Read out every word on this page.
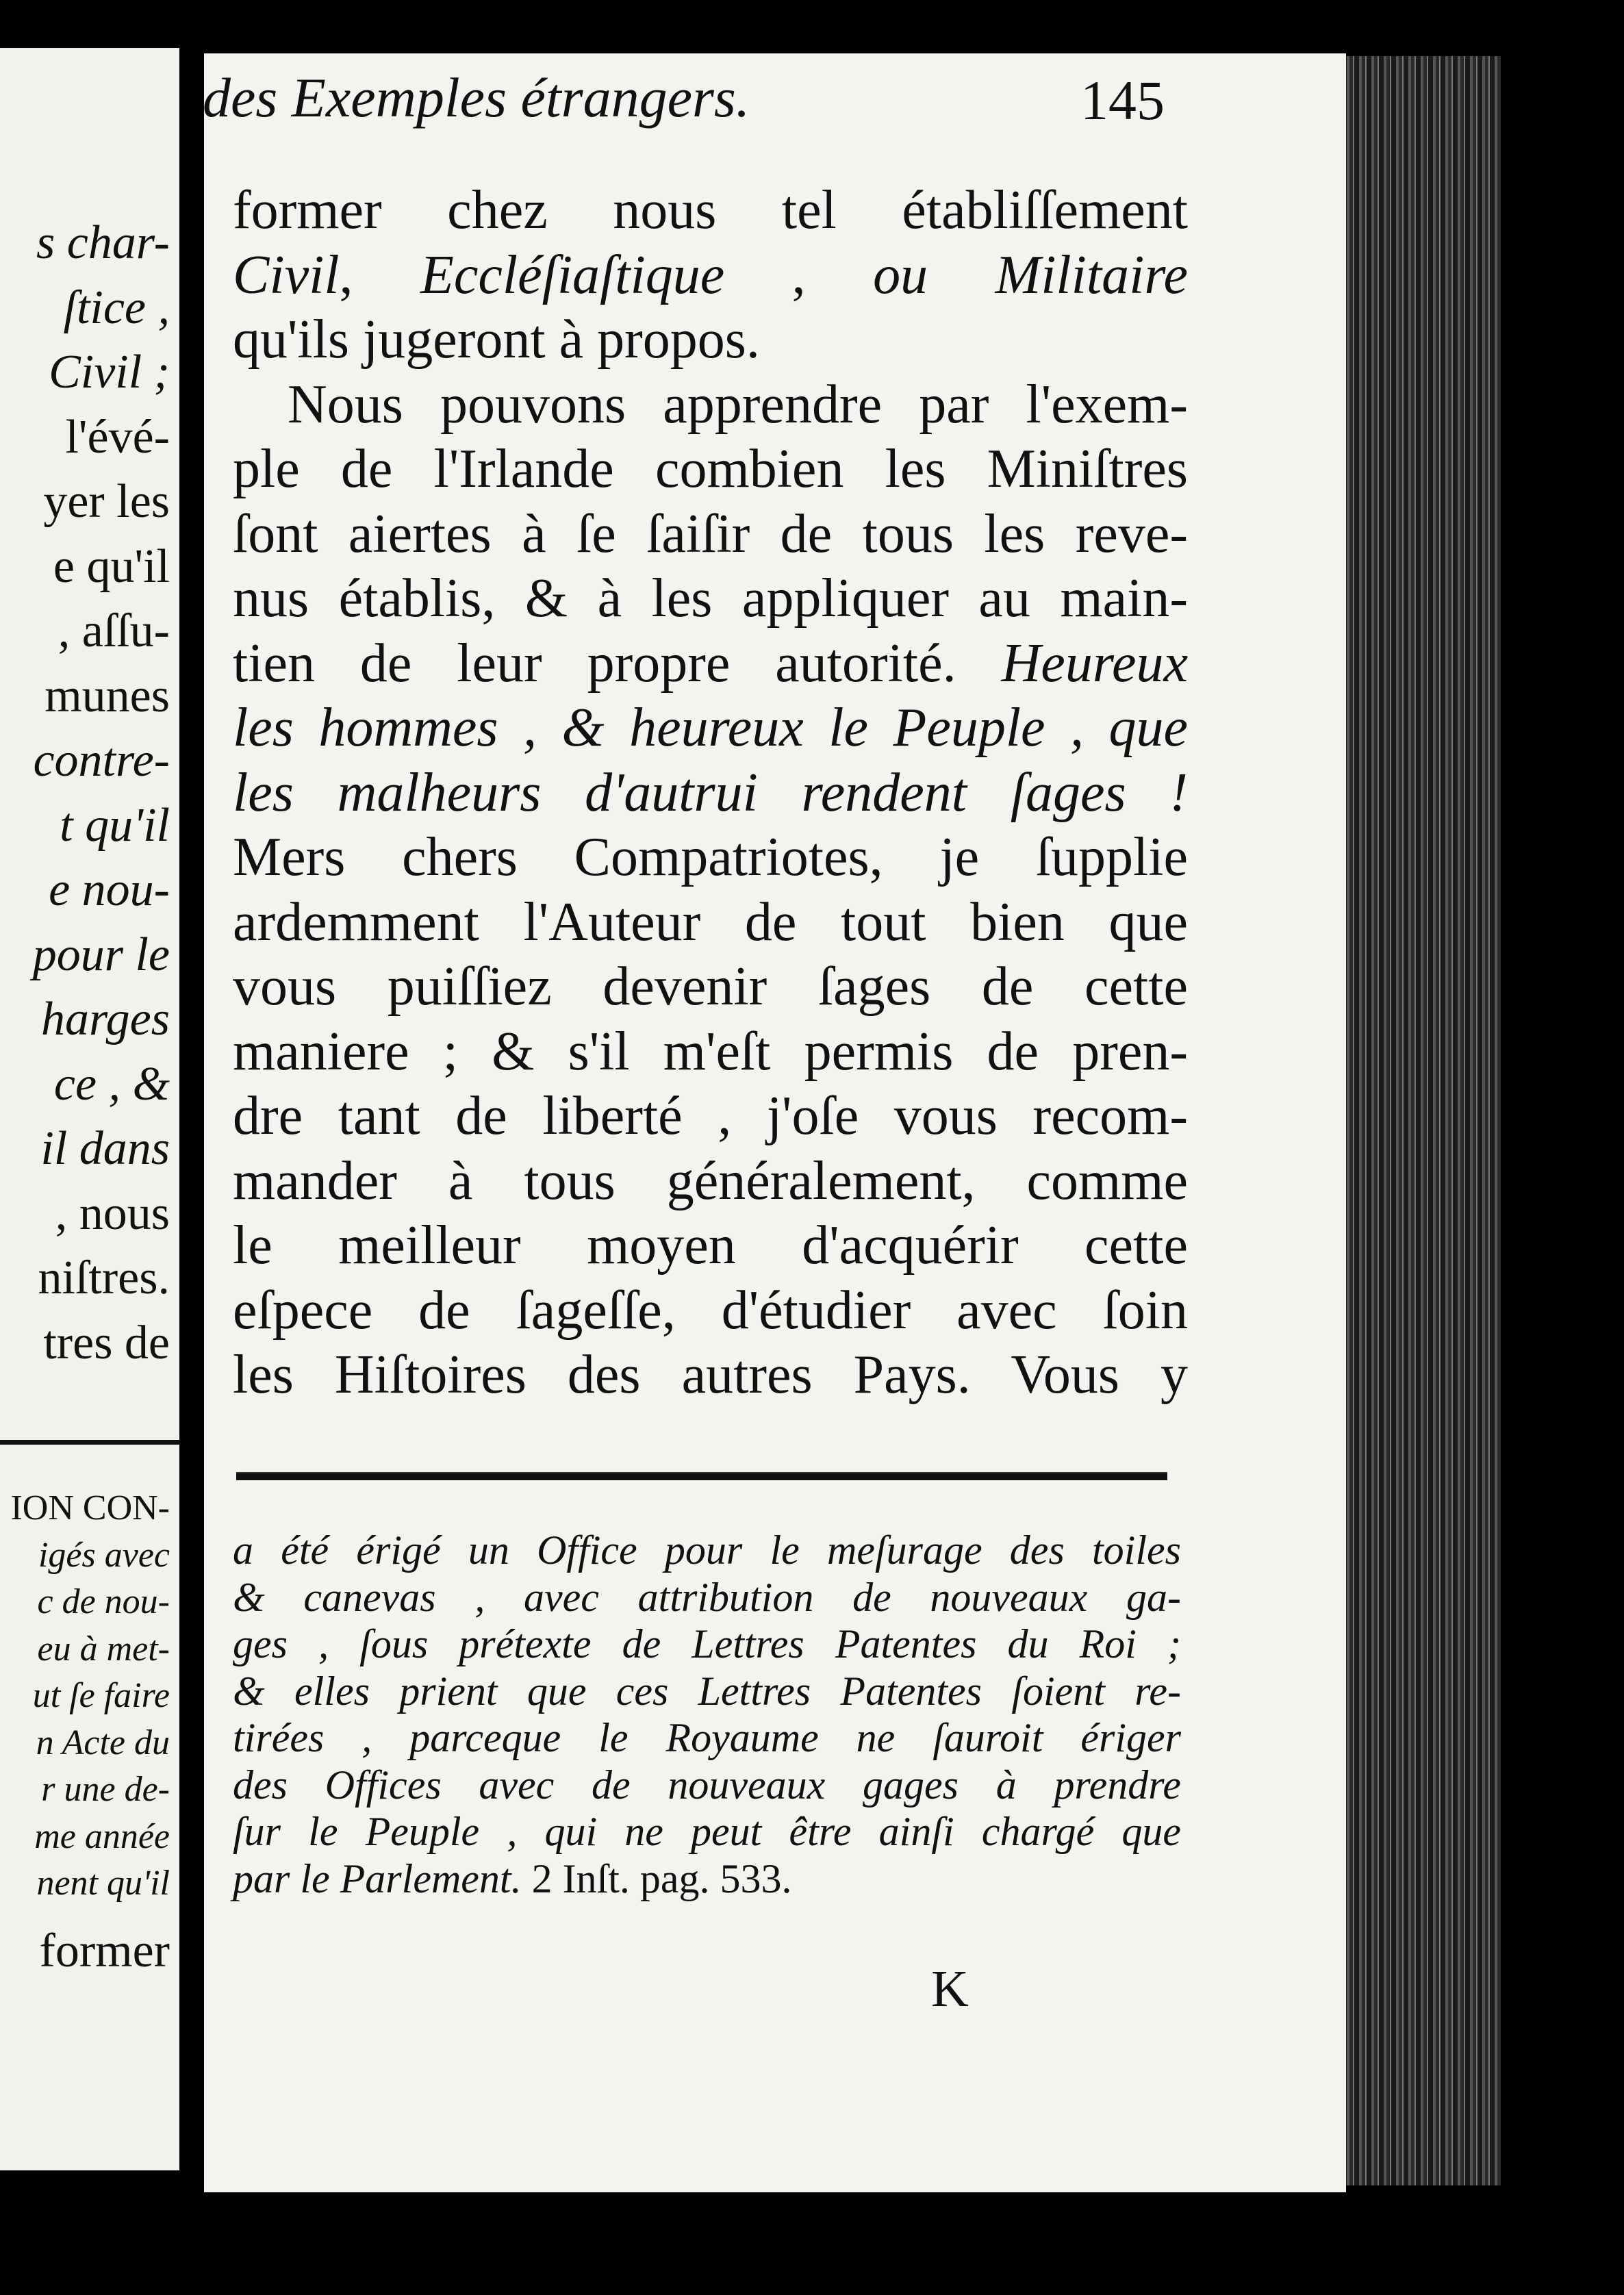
s char-
ſtice ,
Civil ;
l'évé-
yer les
e qu'il
, aſſu-
munes
contre-
t qu'il
e nou-
pour le
harges
ce , &
il dans
, nous
niſtres.
tres de
ION CON-
igés avec
c de nou-
eu à met-
ut ſe faire
n Acte du
r une de-
me année
nent qu'il
former
des Exemples étrangers.	145
former chez nous tel établiſſement
Civil, Eccléſiaſtique , ou Militaire
qu'ils jugeront à propos.
Nous pouvons apprendre par l'exem-
ple de l'Irlande combien les Miniſtres
ſont aiertes à ſe ſaiſir de tous les reve-
nus établis, & à les appliquer au main-
tien de leur propre autorité. Heureux
les hommes , & heureux le Peuple , que
les malheurs d'autrui rendent ſages !
Mers chers Compatriotes, je ſupplie
ardemment l'Auteur de tout bien que
vous puiſſiez devenir ſages de cette
maniere ; & s'il m'eſt permis de pren-
dre tant de liberté , j'oſe vous recom-
mander à tous généralement, comme
le meilleur moyen d'acquérir cette
eſpece de ſageſſe, d'étudier avec ſoin
les Hiſtoires des autres Pays. Vous y
a été érigé un Office pour le meſurage des toiles
& canevas , avec attribution de nouveaux ga-
ges , ſous prétexte de Lettres Patentes du Roi ;
& elles prient que ces Lettres Patentes ſoient re-
tirées , parceque le Royaume ne ſauroit ériger
des Offices avec de nouveaux gages à prendre
ſur le Peuple , qui ne peut être ainſi chargé que
par le Parlement. 2 Inſt. pag. 533.
K
